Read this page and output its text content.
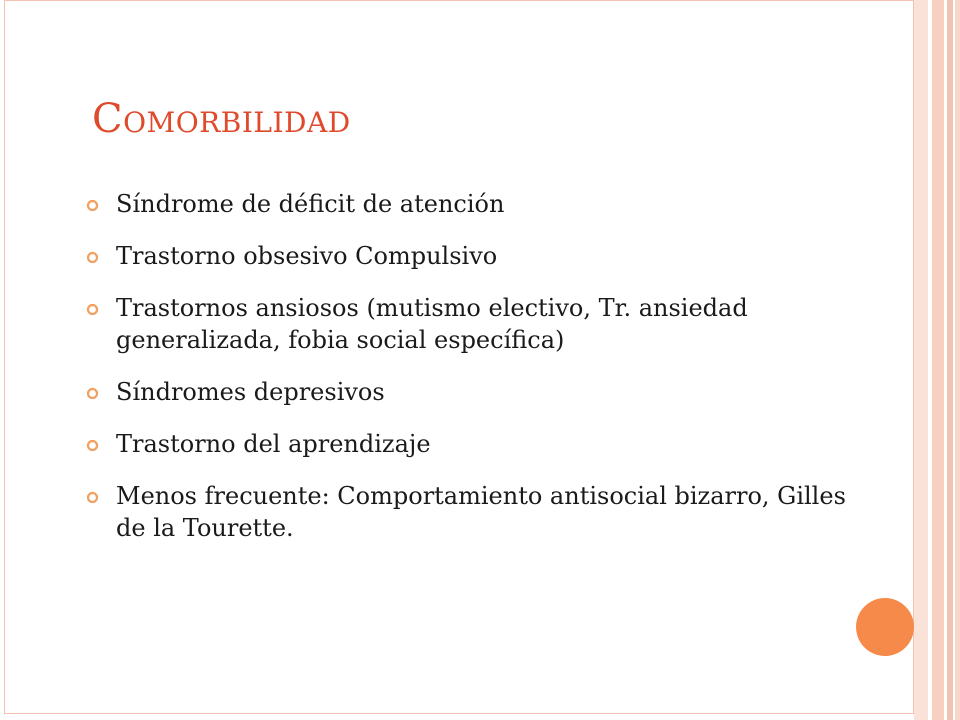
Comorbilidad
Síndrome de déficit de atención
Trastorno obsesivo Compulsivo
Trastornos ansiosos (mutismo electivo, Tr. ansiedad generalizada, fobia social específica)
Síndromes depresivos
Trastorno del aprendizaje
Menos frecuente: Comportamiento antisocial bizarro, Gilles de la Tourette.
